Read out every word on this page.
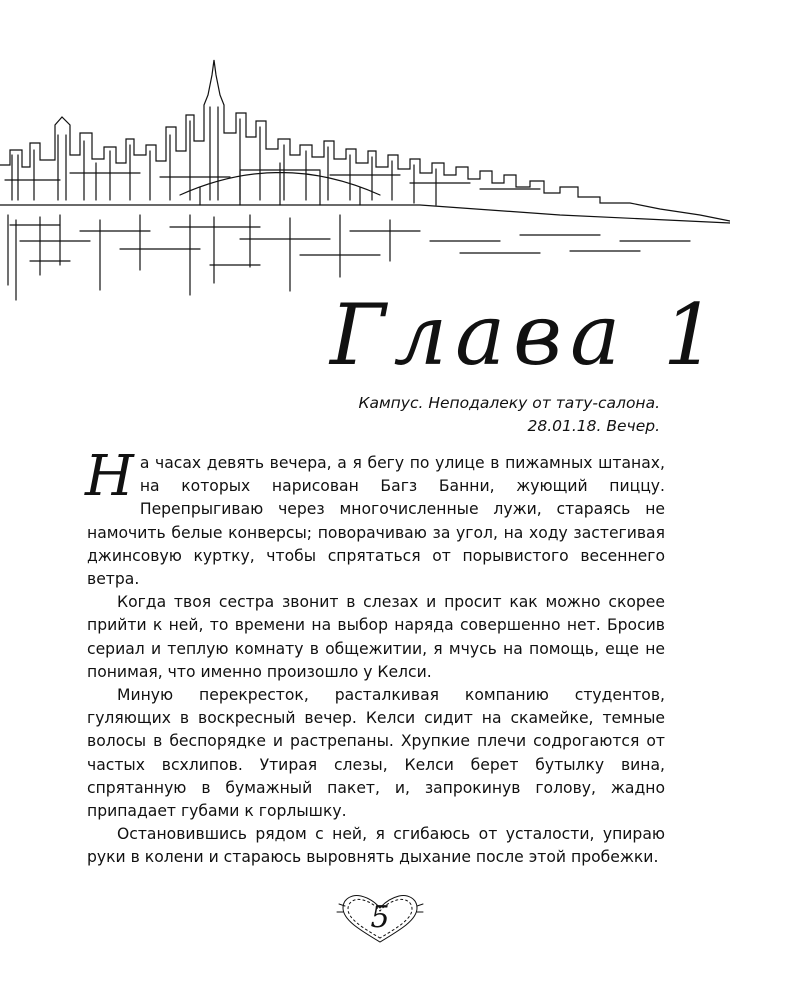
Глава 1
Кампус. Неподалеку от тату-салона.
28.01.18. Вечер.

На часах девять вечера, а я бегу по улице в пижамных штанах, на которых нарисован Багз Банни, жующий пиццу. Перепрыгиваю через многочисленные лужи, стараясь не намочить белые конверсы; поворачиваю за угол, на ходу застегивая джинсовую куртку, чтобы спрятаться от порывистого весеннего ветра.

Когда твоя сестра звонит в слезах и просит как можно скорее прийти к ней, то времени на выбор наряда совершенно нет. Бросив сериал и теплую комнату в общежитии, я мчусь на помощь, еще не понимая, что именно произошло у Келси.

Миную перекресток, расталкивая компанию студентов, гуляющих в воскресный вечер. Келси сидит на скамейке, темные волосы в беспорядке и растрепаны. Хрупкие плечи содрогаются от частых всхлипов. Утирая слезы, Келси берет бутылку вина, спрятанную в бумажный пакет, и, запрокинув голову, жадно припадает губами к горлышку.

Остановившись рядом с ней, я сгибаюсь от усталости, упираю руки в колени и стараюсь выровнять дыхание после этой пробежки.

5
